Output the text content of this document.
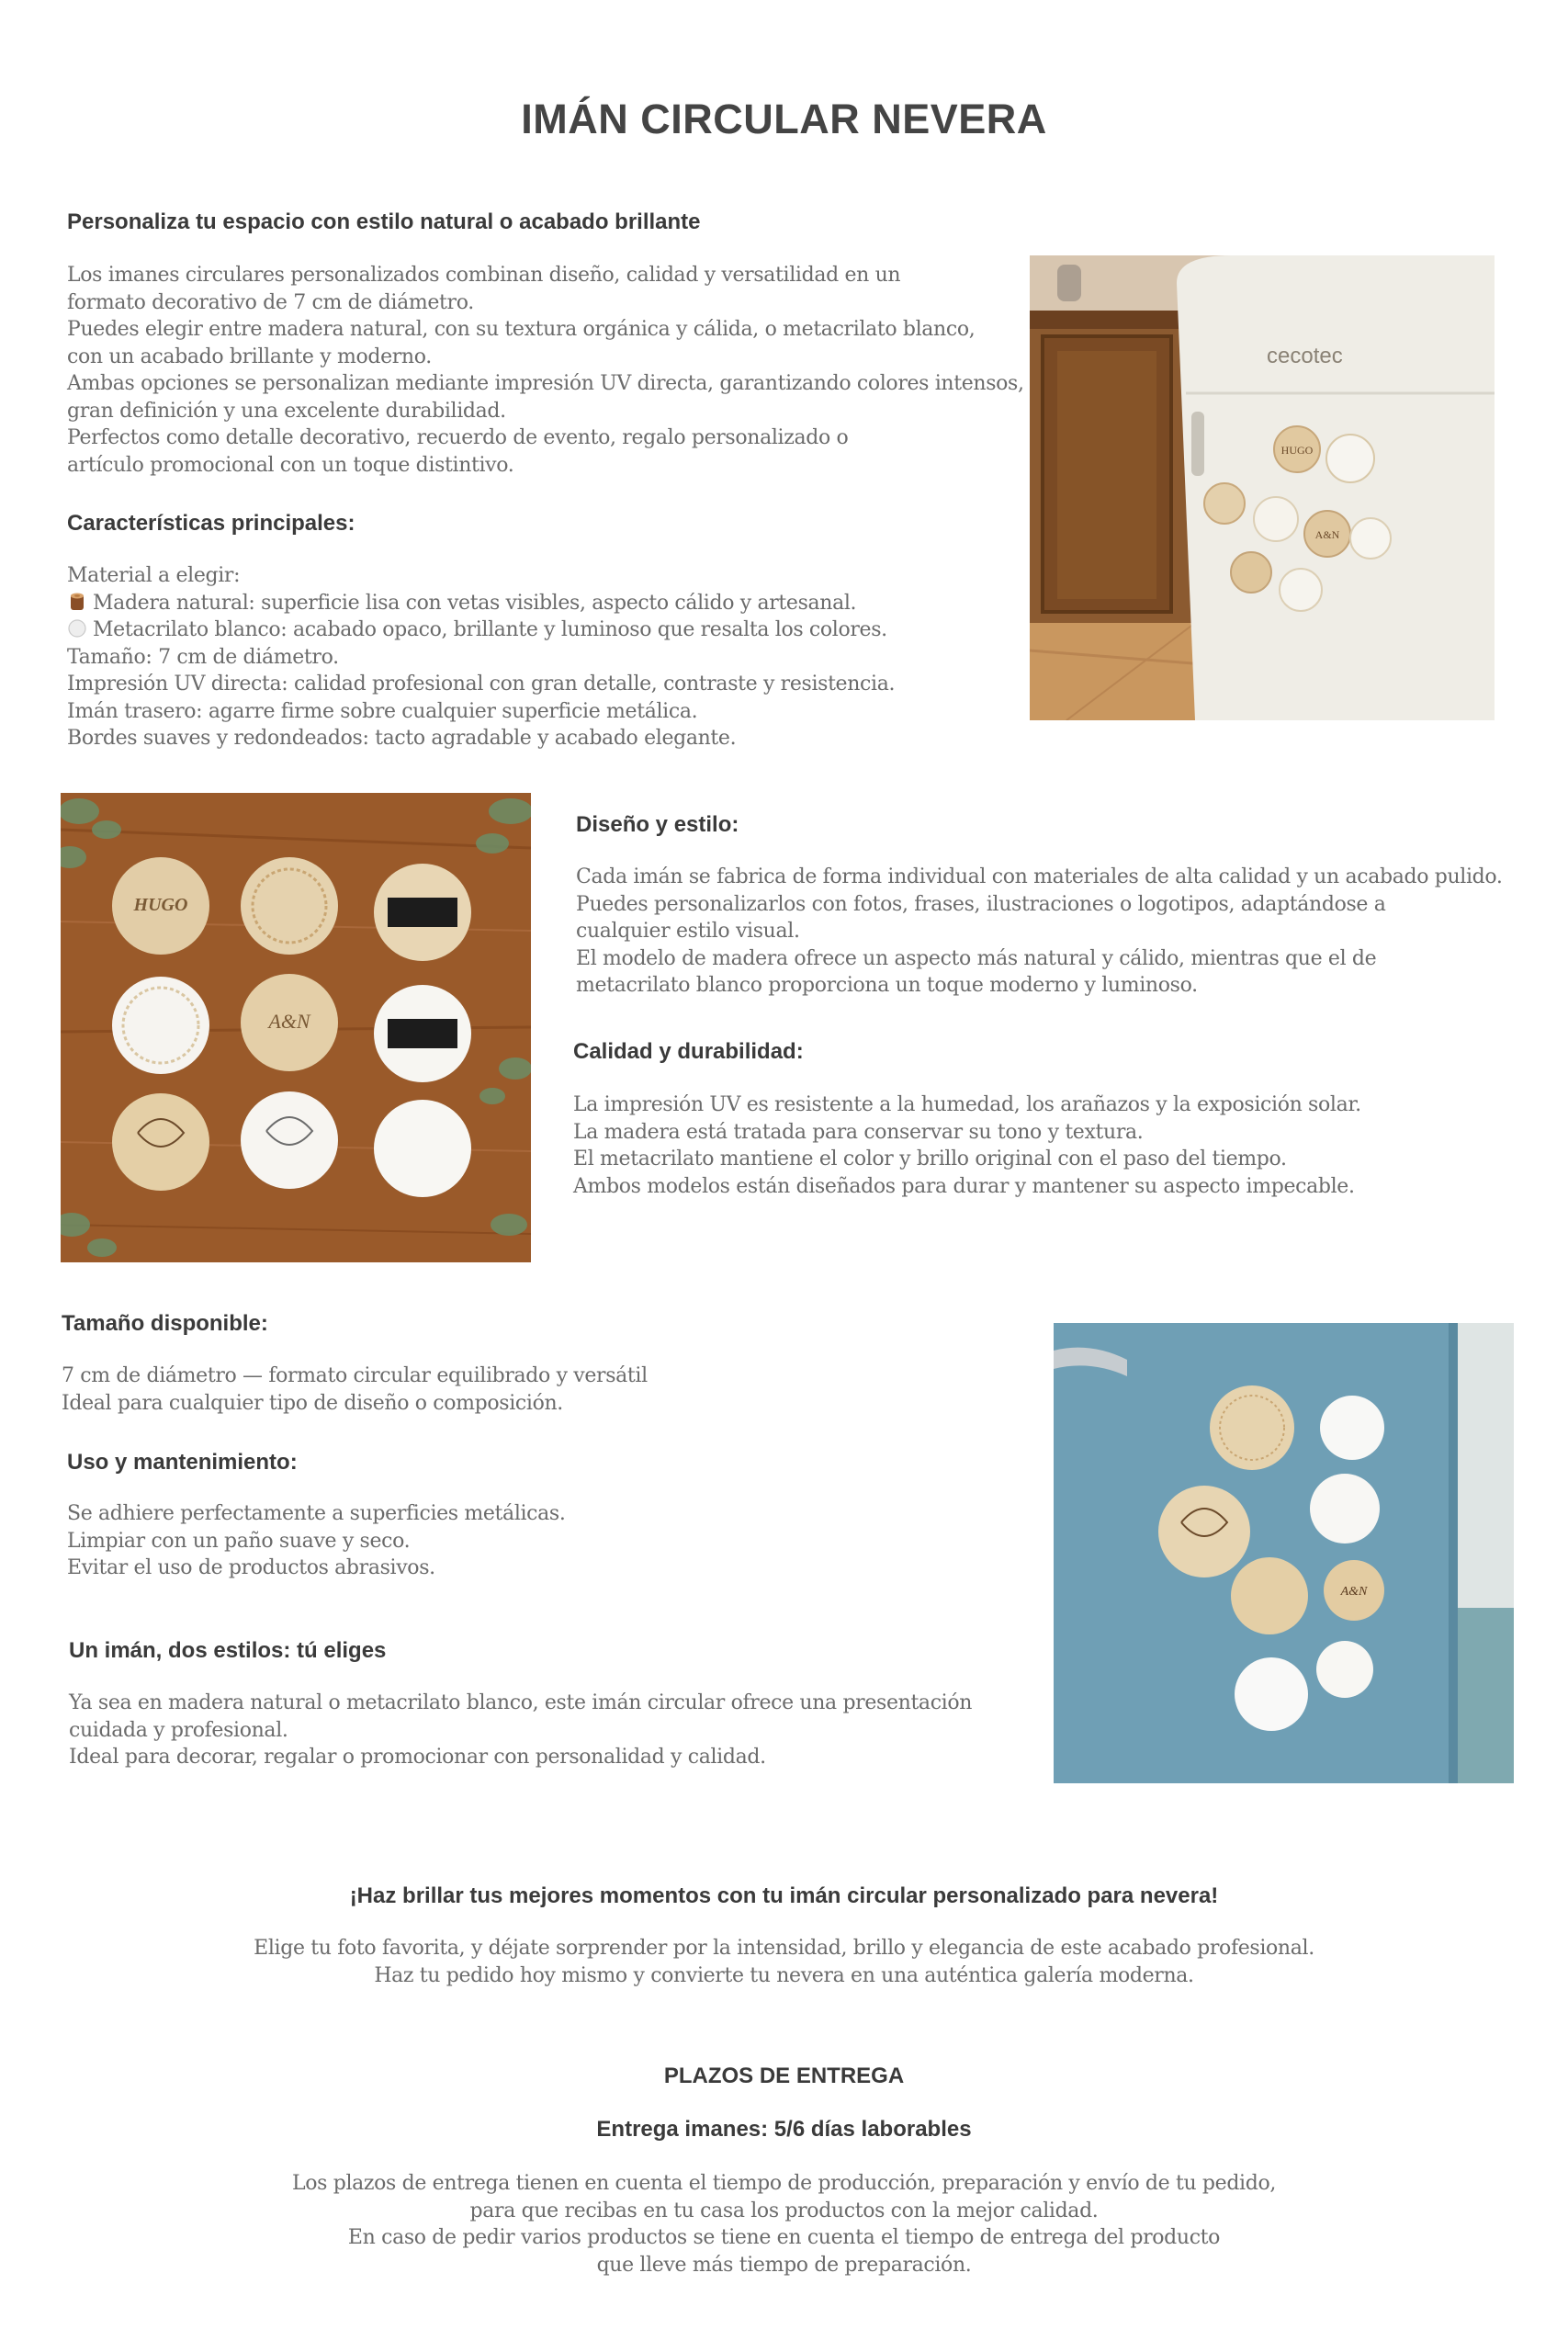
IMÁN CIRCULAR NEVERA
Personaliza tu espacio con estilo natural o acabado brillante
Los imanes circulares personalizados combinan diseño, calidad y versatilidad en un
formato decorativo de 7 cm de diámetro.
Puedes elegir entre madera natural, con su textura orgánica y cálida, o metacrilato blanco,
con un acabado brillante y moderno.
Ambas opciones se personalizan mediante impresión UV directa, garantizando colores intensos,
gran definición y una excelente durabilidad.
Perfectos como detalle decorativo, recuerdo de evento, regalo personalizado o
artículo promocional con un toque distintivo.
Características principales:
Material a elegir:
Madera natural: superficie lisa con vetas visibles, aspecto cálido y artesanal.
Metacrilato blanco: acabado opaco, brillante y luminoso que resalta los colores.
Tamaño: 7 cm de diámetro.
Impresión UV directa: calidad profesional con gran detalle, contraste y resistencia.
Imán trasero: agarre firme sobre cualquier superficie metálica.
Bordes suaves y redondeados: tacto agradable y acabado elegante.
cecotec
HUGO
A&N
HUGO
A&N
Diseño y estilo:
Cada imán se fabrica de forma individual con materiales de alta calidad y un acabado pulido.
Puedes personalizarlos con fotos, frases, ilustraciones o logotipos, adaptándose a
cualquier estilo visual.
El modelo de madera ofrece un aspecto más natural y cálido, mientras que el de
metacrilato blanco proporciona un toque moderno y luminoso.
Calidad y durabilidad:
La impresión UV es resistente a la humedad, los arañazos y la exposición solar.
La madera está tratada para conservar su tono y textura.
El metacrilato mantiene el color y brillo original con el paso del tiempo.
Ambos modelos están diseñados para durar y mantener su aspecto impecable.
Tamaño disponible:
7 cm de diámetro — formato circular equilibrado y versátil
Ideal para cualquier tipo de diseño o composición.
Uso y mantenimiento:
Se adhiere perfectamente a superficies metálicas.
Limpiar con un paño suave y seco.
Evitar el uso de productos abrasivos.
Un imán, dos estilos: tú eliges
Ya sea en madera natural o metacrilato blanco, este imán circular ofrece una presentación
cuidada y profesional.
Ideal para decorar, regalar o promocionar con personalidad y calidad.
A&N
¡Haz brillar tus mejores momentos con tu imán circular personalizado para nevera!
Elige tu foto favorita, y déjate sorprender por la intensidad, brillo y elegancia de este acabado profesional.
Haz tu pedido hoy mismo y convierte tu nevera en una auténtica galería moderna.
PLAZOS DE ENTREGA
Entrega imanes: 5/6 días laborables
Los plazos de entrega tienen en cuenta el tiempo de producción, preparación y envío de tu pedido,
para que recibas en tu casa los productos con la mejor calidad.
En caso de pedir varios productos se tiene en cuenta el tiempo de entrega del producto
que lleve más tiempo de preparación.
